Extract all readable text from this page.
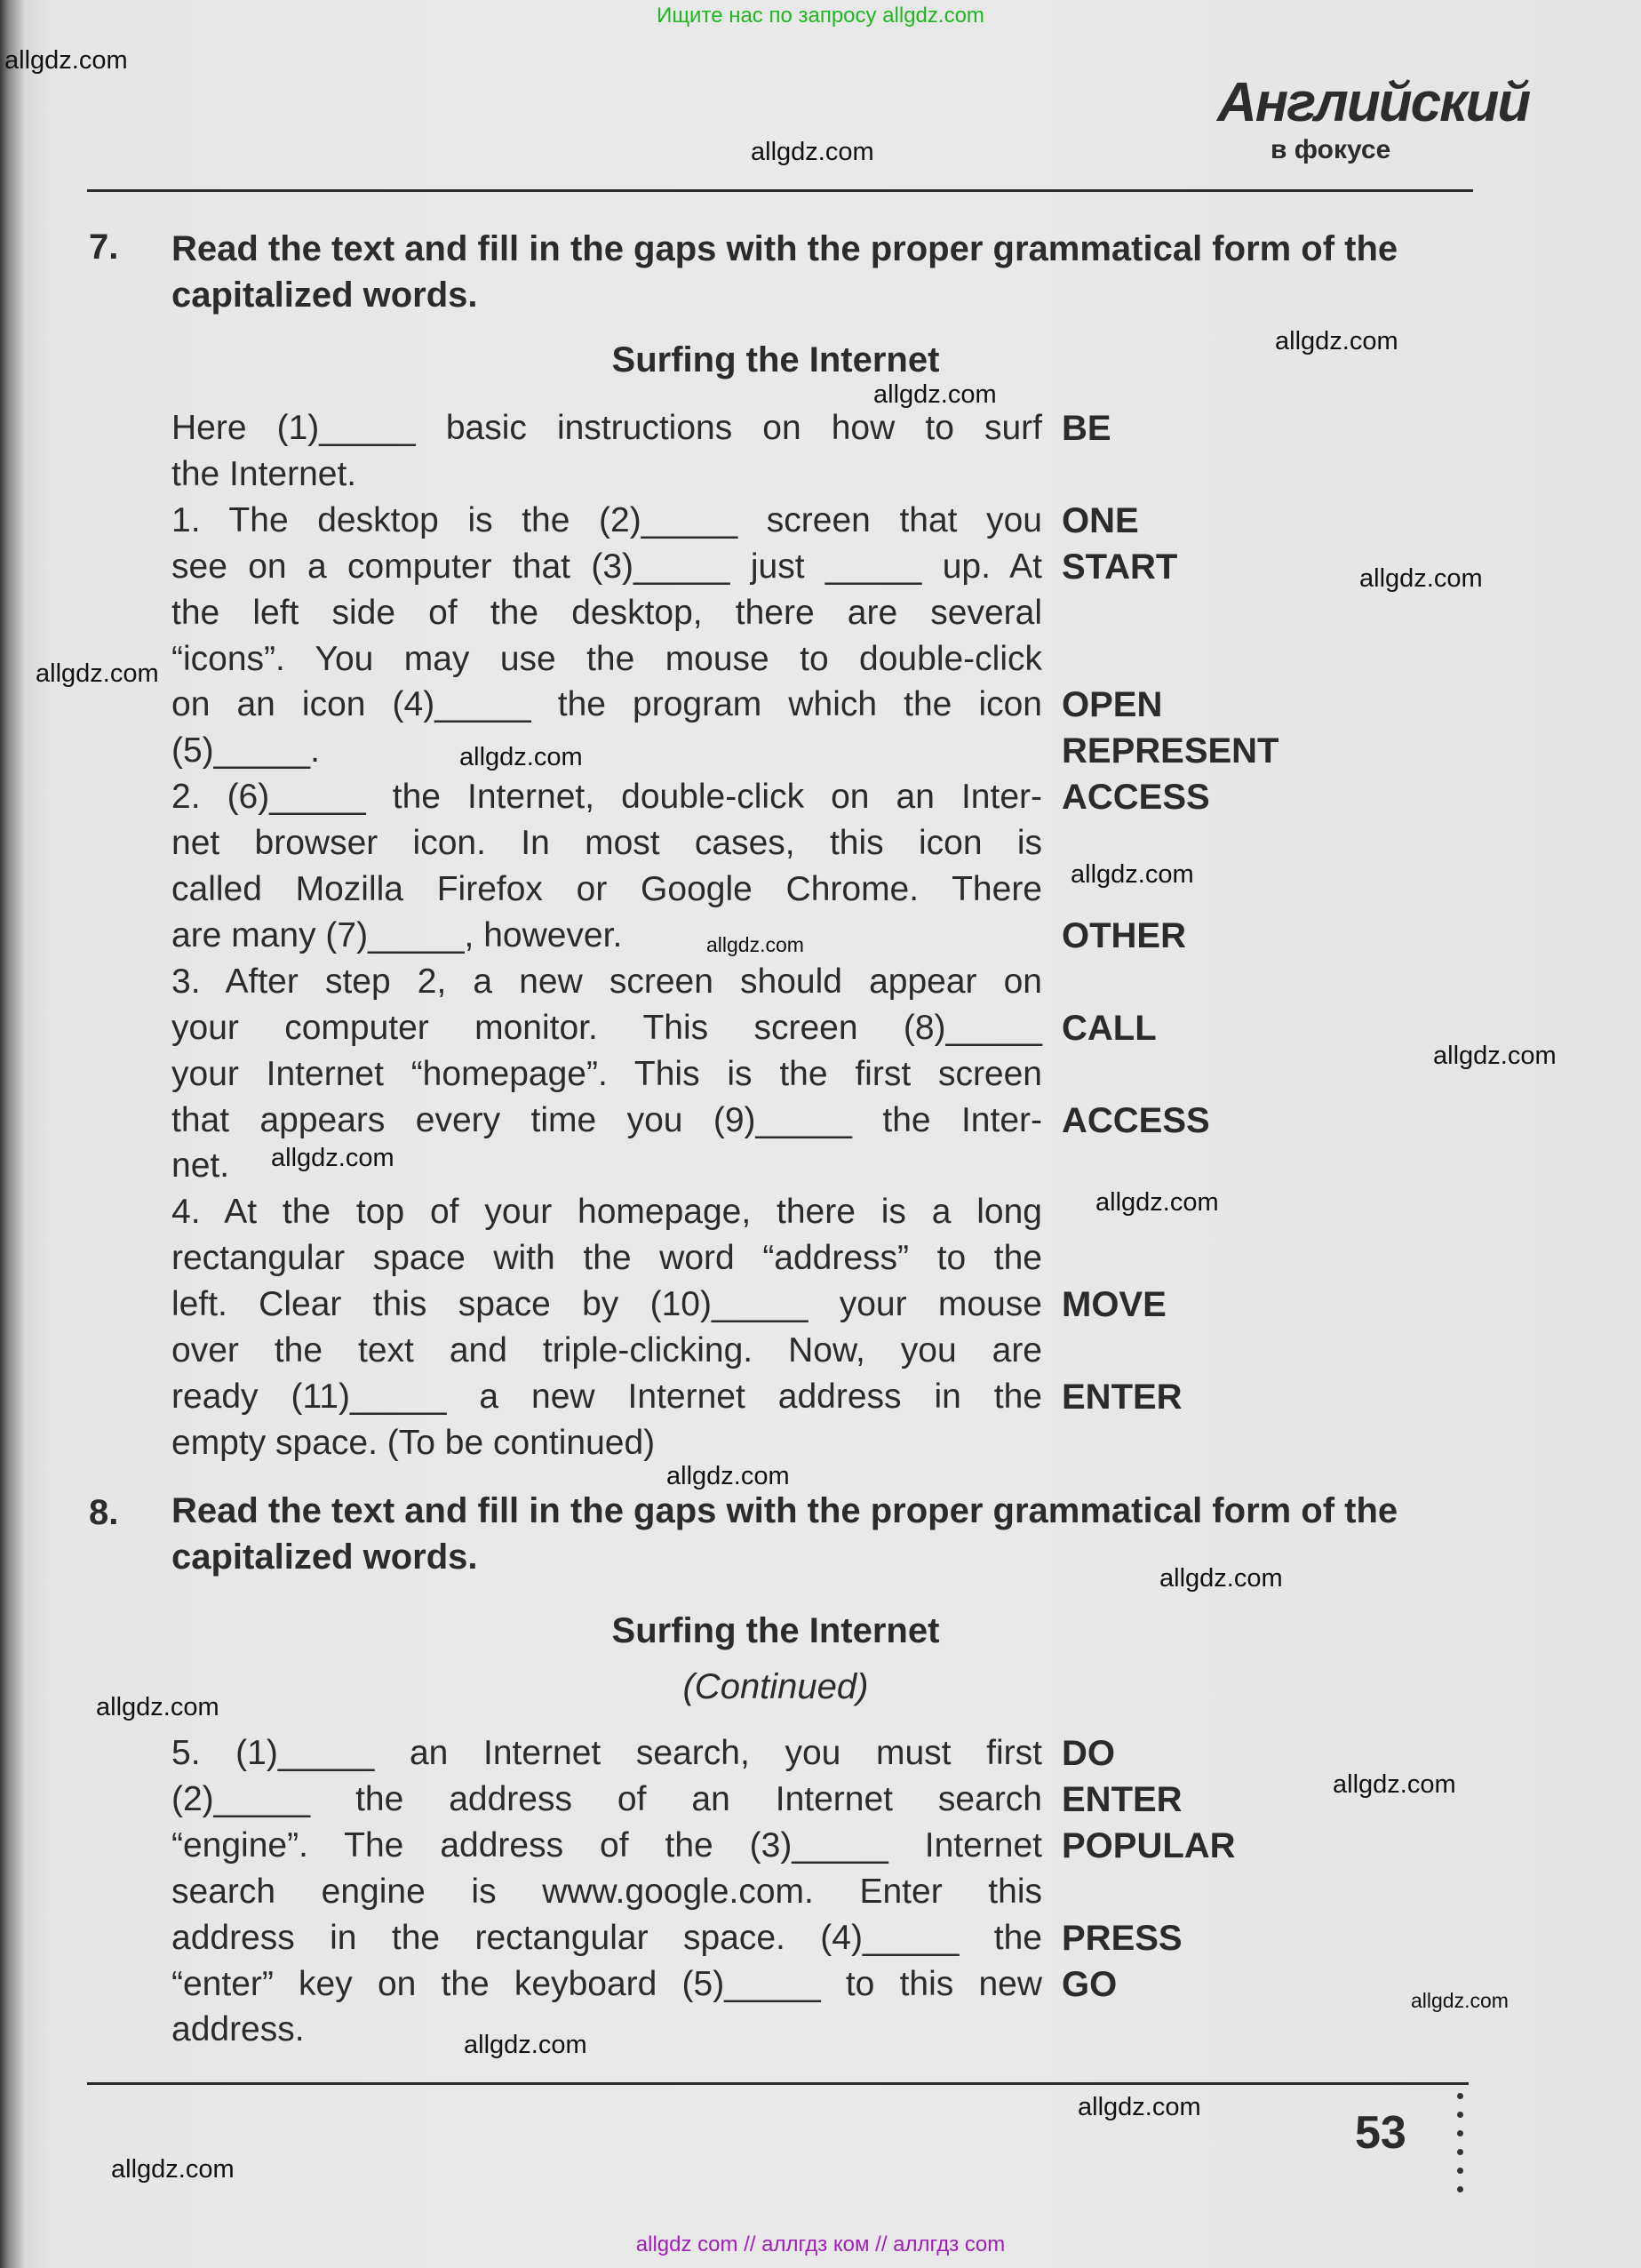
Ищите нас по запросу allgdz.com
allgdz.com
allgdz.com
allgdz.com
allgdz.com
allgdz.com
allgdz.com
allgdz.com
allgdz.com
allgdz.com
allgdz.com
allgdz.com
allgdz.com
allgdz.com
allgdz.com
allgdz.com
allgdz.com
allgdz.com
allgdz.com
allgdz.com
allgdz.com
Английский
в фокусе
7. Read the text and fill in the gaps with the proper grammatical form of the capitalized words.
Surfing the Internet
Here (1)_____ basic instructions on how to surf BE
the Internet.
1. The desktop is the (2)_____ screen that you ONE
see on a computer that (3)_____ just _____ up. At START
the left side of the desktop, there are several
“icons”. You may use the mouse to double-click
on an icon (4)_____ the program which the icon OPEN
(5)_____.	REPRESENT
2. (6)_____ the Internet, double-click on an Inter- ACCESS
net browser icon. In most cases, this icon is
called Mozilla Firefox or Google Chrome. There
are many (7)_____, however.	OTHER
3. After step 2, a new screen should appear on
your computer monitor. This screen (8)_____ CALL
your Internet “homepage”. This is the first screen
that appears every time you (9)_____ the Inter- ACCESS
net.
4. At the top of your homepage, there is a long
rectangular space with the word “address” to the
left. Clear this space by (10)_____ your mouse MOVE
over the text and triple-clicking. Now, you are
ready (11)_____ a new Internet address in the ENTER
empty space. (To be continued)
8. Read the text and fill in the gaps with the proper grammatical form of the capitalized words.
Surfing the Internet
(Continued)
5. (1)_____ an Internet search, you must first DO
(2)_____ the address of an Internet search ENTER
“engine”. The address of the (3)_____ Internet POPULAR
search engine is www.google.com. Enter this
address in the rectangular space. (4)_____ the PRESS
“enter” key on the keyboard (5)_____ to this new GO
address.
53
allgdz com // аллгдз ком // аллгдз com
